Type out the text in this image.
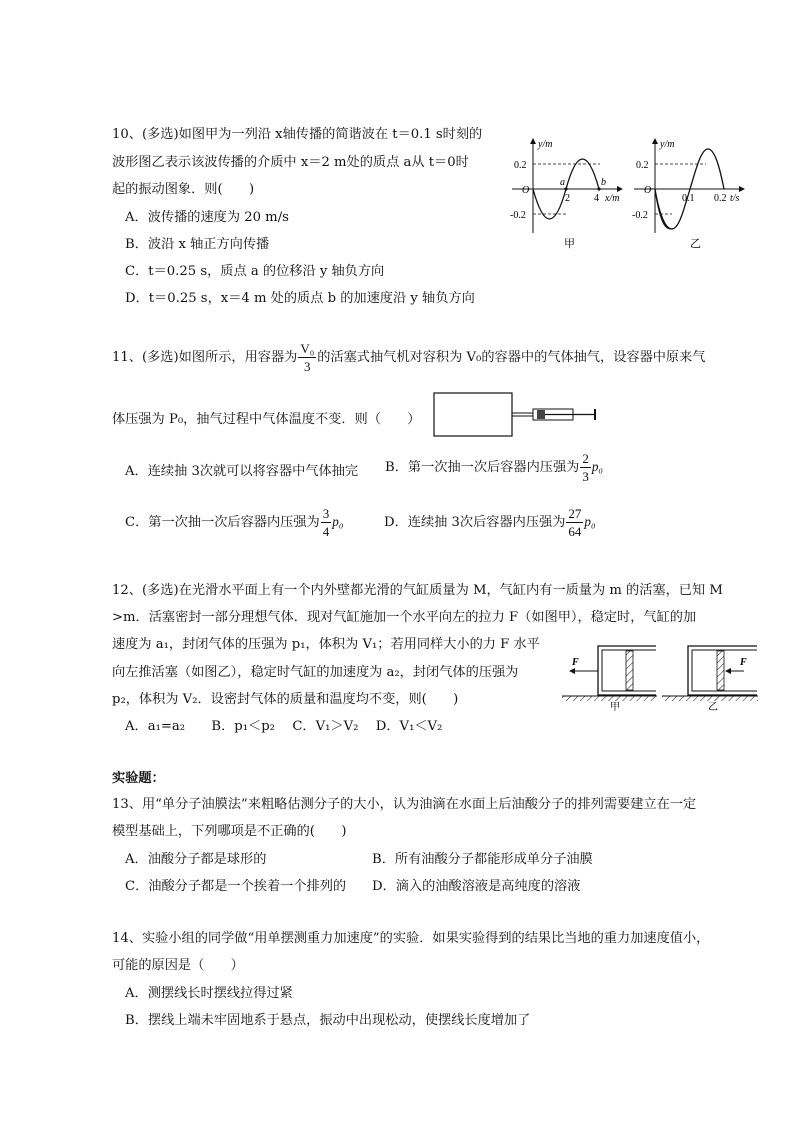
10、(多选)如图甲为一列沿 x轴传播的简谐波在 t＝0.1 s时刻的
波形图乙表示该波传播的介质中 x＝2 m处的质点 a从 t＝0时
起的振动图象．则(　　)
A．波传播的速度为 20 m/s
B．波沿 x 轴正方向传播
C．t＝0.25 s，质点 a 的位移沿 y 轴负方向
D．t＝0.25 s，x＝4 m 处的质点 b 的加速度沿 y 轴负方向
y/m
0.2
-0.2
O
2 4
a	b
x/m
甲
y/m
0.2
-0.2
O
0.1 0.2 t/s
乙
11、(多选)如图所示，用容器为 $\frac{\text{V₀}}{3}$ 的活塞式抽气机对容积为 V₀的容器中的气体抽气，设容器中原来气
体压强为 P₀，抽气过程中气体温度不变．则（　　）
A．连续抽 3次就可以将容器中气体抽完 B．第一次抽一次后容器内压强为 $\frac{2}{3} p_0$
C．第一次抽一次后容器内压强为 $\frac{3}{4} p_0$	D．连续抽 3次后容器内压强为 $\frac{27}{64} p_0$
12、(多选)在光滑水平面上有一个内外壁都光滑的气缸质量为 M，气缸内有一质量为 m 的活塞，已知 M
>m．活塞密封一部分理想气体．现对气缸施加一个水平向左的拉力 F（如图甲），稳定时，气缸的加
速度为 a₁，封闭气体的压强为 p₁，体积为 V₁；若用同样大小的力 F 水平
向左推活塞（如图乙），稳定时气缸的加速度为 a₂，封闭气体的压强为
p₂，体积为 V₂．设密封气体的质量和温度均不变，则(　　)
A．a₁=a₂　　B．p₁＜p₂　 C．V₁＞V₂　 D．V₁＜V₂
F
甲
F
乙
实验题：
13、用“单分子油膜法”来粗略估测分子的大小，认为油滴在水面上后油酸分子的排列需要建立在一定
模型基础上，下列哪项是不正确的(　　)
A．油酸分子都是球形的	B．所有油酸分子都能形成单分子油膜
C．油酸分子都是一个挨着一个排列的 D．滴入的油酸溶液是高纯度的溶液
14、实验小组的同学做“用单摆测重力加速度”的实验．如果实验得到的结果比当地的重力加速度值小，
可能的原因是（　　）
A．测摆线长时摆线拉得过紧
B．摆线上端未牢固地系于悬点，振动中出现松动，使摆线长度增加了
